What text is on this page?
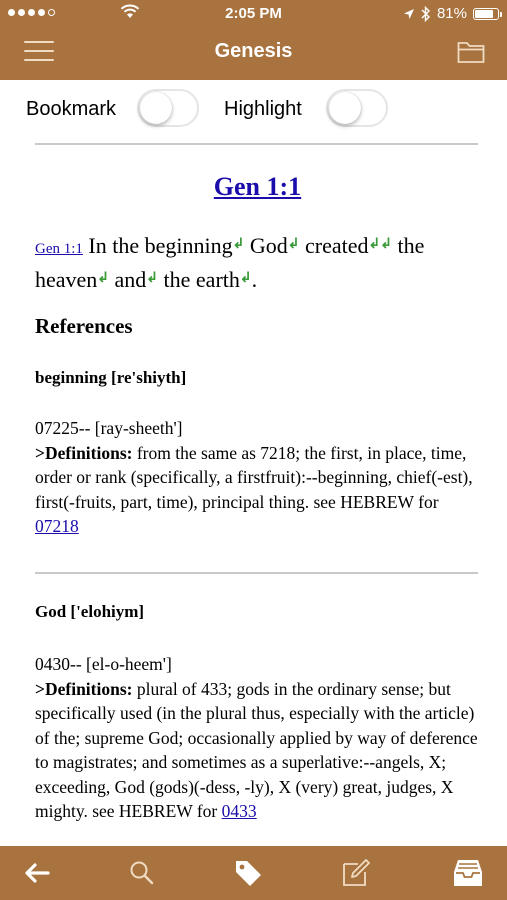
2:05 PM	81%
Genesis
Bookmark	Highlight
Gen 1:1
Gen 1:1 In the beginning↲ God↲ created↲↲ the heaven↲ and↲ the earth↲.
References
beginning [re'shiyth]
07225-- [ray-sheeth']
>Definitions: from the same as 7218; the first, in place, time, order or rank (specifically, a firstfruit):--beginning, chief(-est), first(-fruits, part, time), principal thing. see HEBREW for 07218
God ['elohiym]
0430-- [el-o-heem']
>Definitions: plural of 433; gods in the ordinary sense; but specifically used (in the plural thus, especially with the article) of the; supreme God; occasionally applied by way of deference to magistrates; and sometimes as a superlative:--angels, X; exceeding, God (gods)(-dess, -ly), X (very) great, judges, X mighty. see HEBREW for 0433
